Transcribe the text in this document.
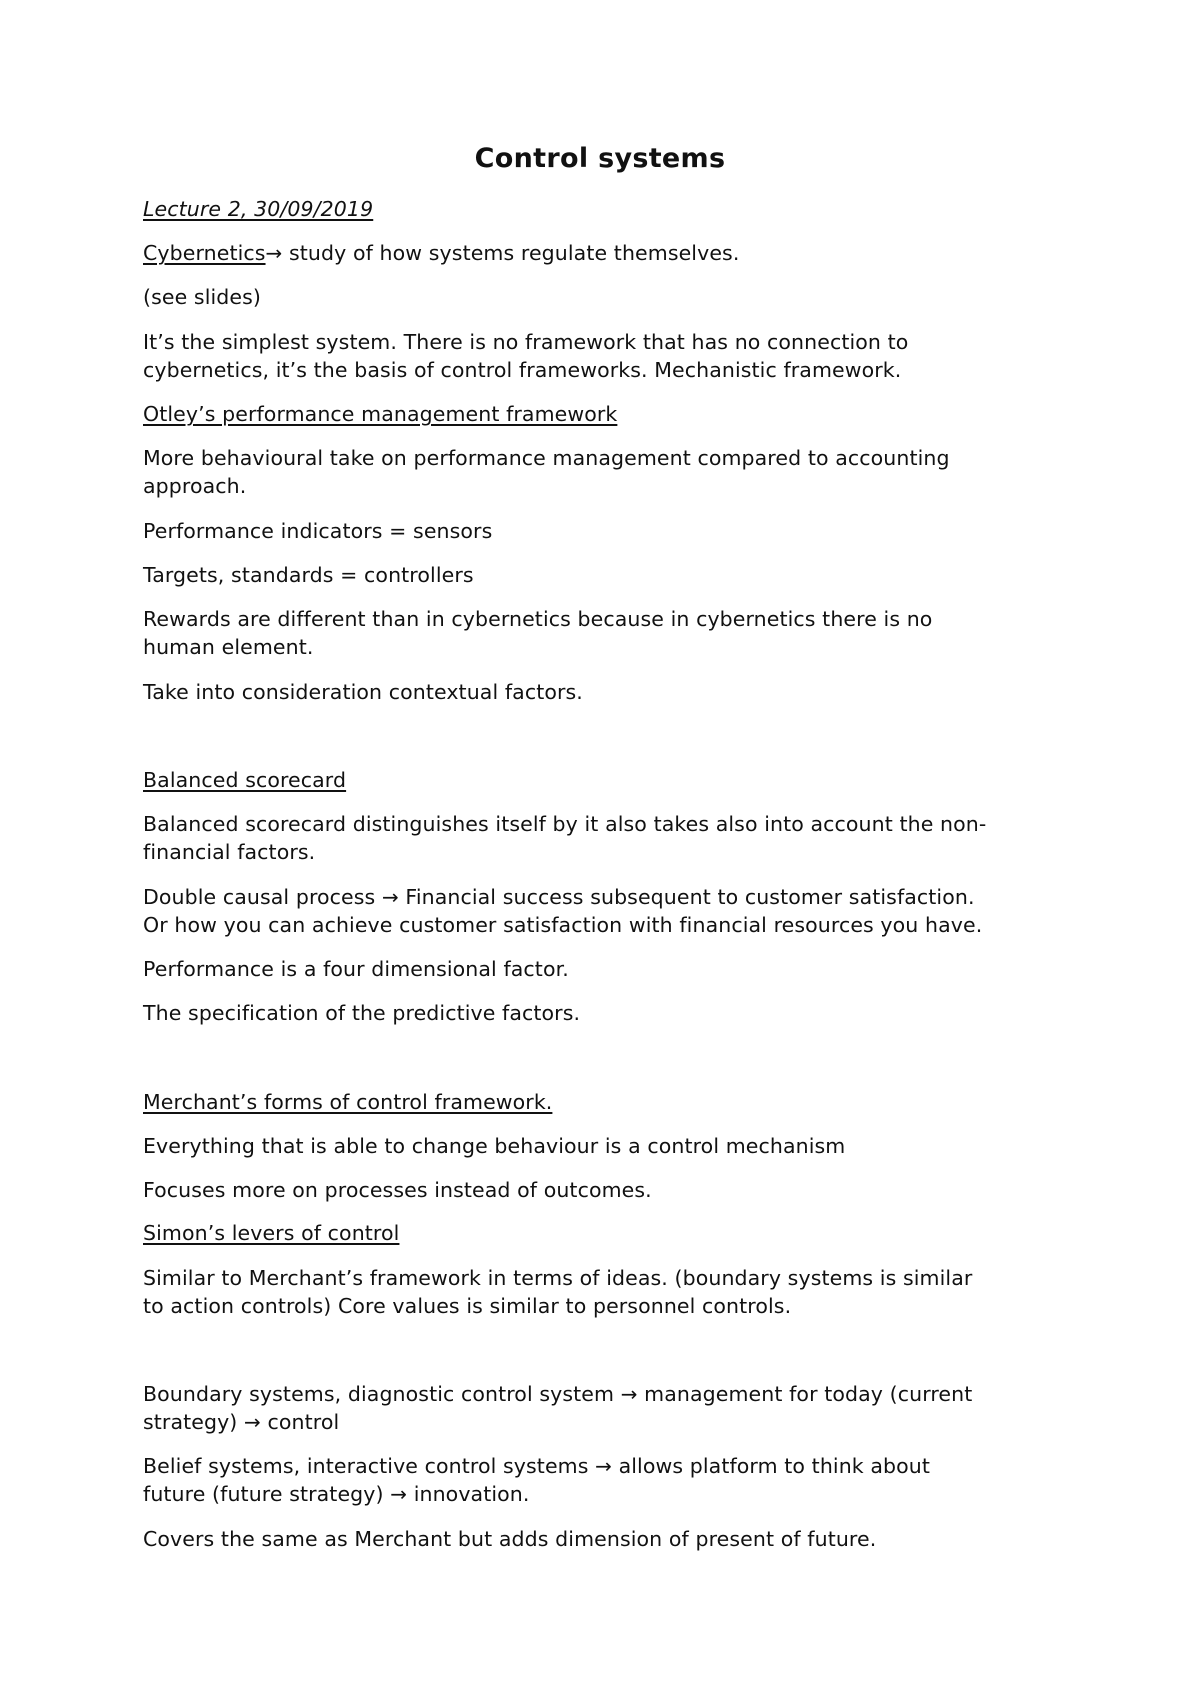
Control systems

Lecture 2, 30/09/2019

Cybernetics→ study of how systems regulate themselves.

(see slides)

It’s the simplest system. There is no framework that has no connection to

cybernetics, it’s the basis of control frameworks. Mechanistic framework.

Otley’s performance management framework

More behavioural take on performance management compared to accounting

approach.

Performance indicators = sensors

Targets, standards = controllers

Rewards are different than in cybernetics because in cybernetics there is no

human element.

Take into consideration contextual factors.

Balanced scorecard

Balanced scorecard distinguishes itself by it also takes also into account the non-

financial factors.

Double causal process → Financial success subsequent to customer satisfaction.

Or how you can achieve customer satisfaction with financial resources you have.

Performance is a four dimensional factor.

The specification of the predictive factors.

Merchant’s forms of control framework.

Everything that is able to change behaviour is a control mechanism

Focuses more on processes instead of outcomes.

Simon’s levers of control

Similar to Merchant’s framework in terms of ideas. (boundary systems is similar

to action controls) Core values is similar to personnel controls.

Boundary systems, diagnostic control system → management for today (current

strategy) → control

Belief systems, interactive control systems → allows platform to think about

future (future strategy) → innovation.

Covers the same as Merchant but adds dimension of present of future.
